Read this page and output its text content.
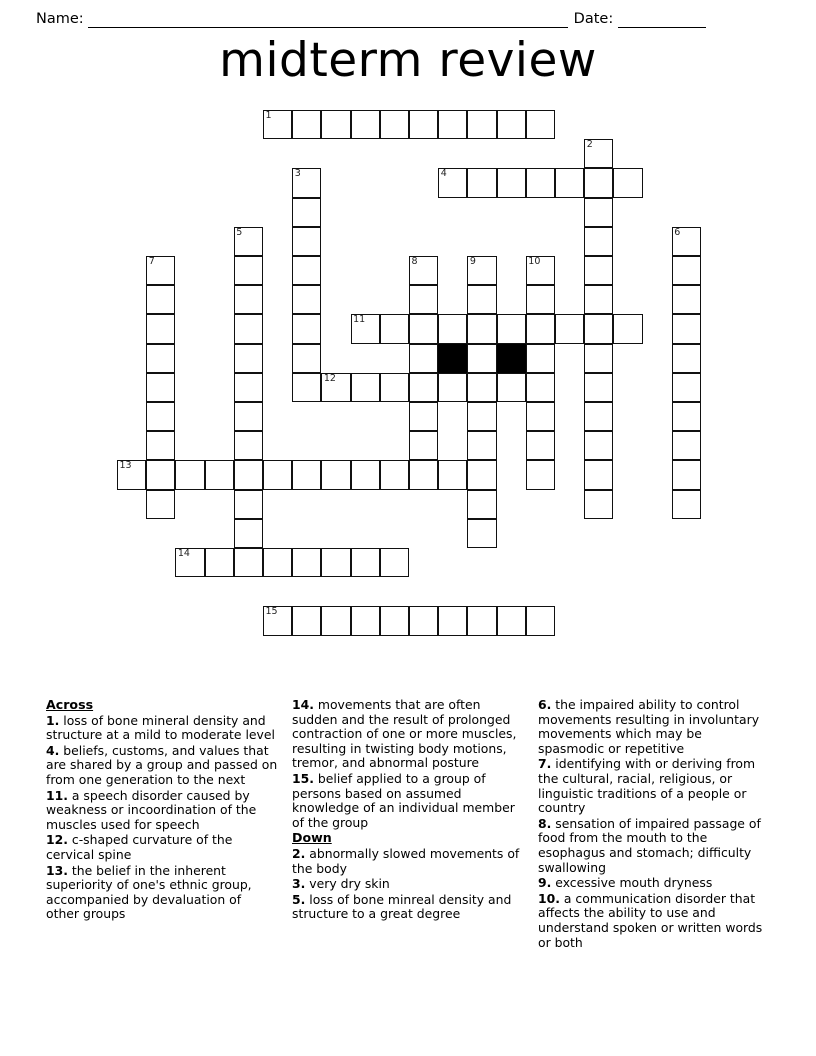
Name:	Date:
midterm review
1
2
3	4
5	6
7	8	9	10
11
12
13
14
15
Across
1. loss of bone mineral density and structure at a mild to moderate level
4. beliefs, customs, and values that are shared by a group and passed on from one generation to the next
11. a speech disorder caused by weakness or incoordination of the muscles used for speech
12. c-shaped curvature of the cervical spine
13. the belief in the inherent superiority of one's ethnic group, accompanied by devaluation of other groups
14. movements that are often sudden and the result of prolonged contraction of one or more muscles, resulting in twisting body motions, tremor, and abnormal posture
15. belief applied to a group of persons based on assumed knowledge of an individual member of the group
Down
2. abnormally slowed movements of the body
3. very dry skin
5. loss of bone minreal density and structure to a great degree
6. the impaired ability to control movements resulting in involuntary movements which may be spasmodic or repetitive
7. identifying with or deriving from the cultural, racial, religious, or linguistic traditions of a people or country
8. sensation of impaired passage of food from the mouth to the esophagus and stomach; difficulty swallowing
9. excessive mouth dryness
10. a communication disorder that affects the ability to use and understand spoken or written words or both
